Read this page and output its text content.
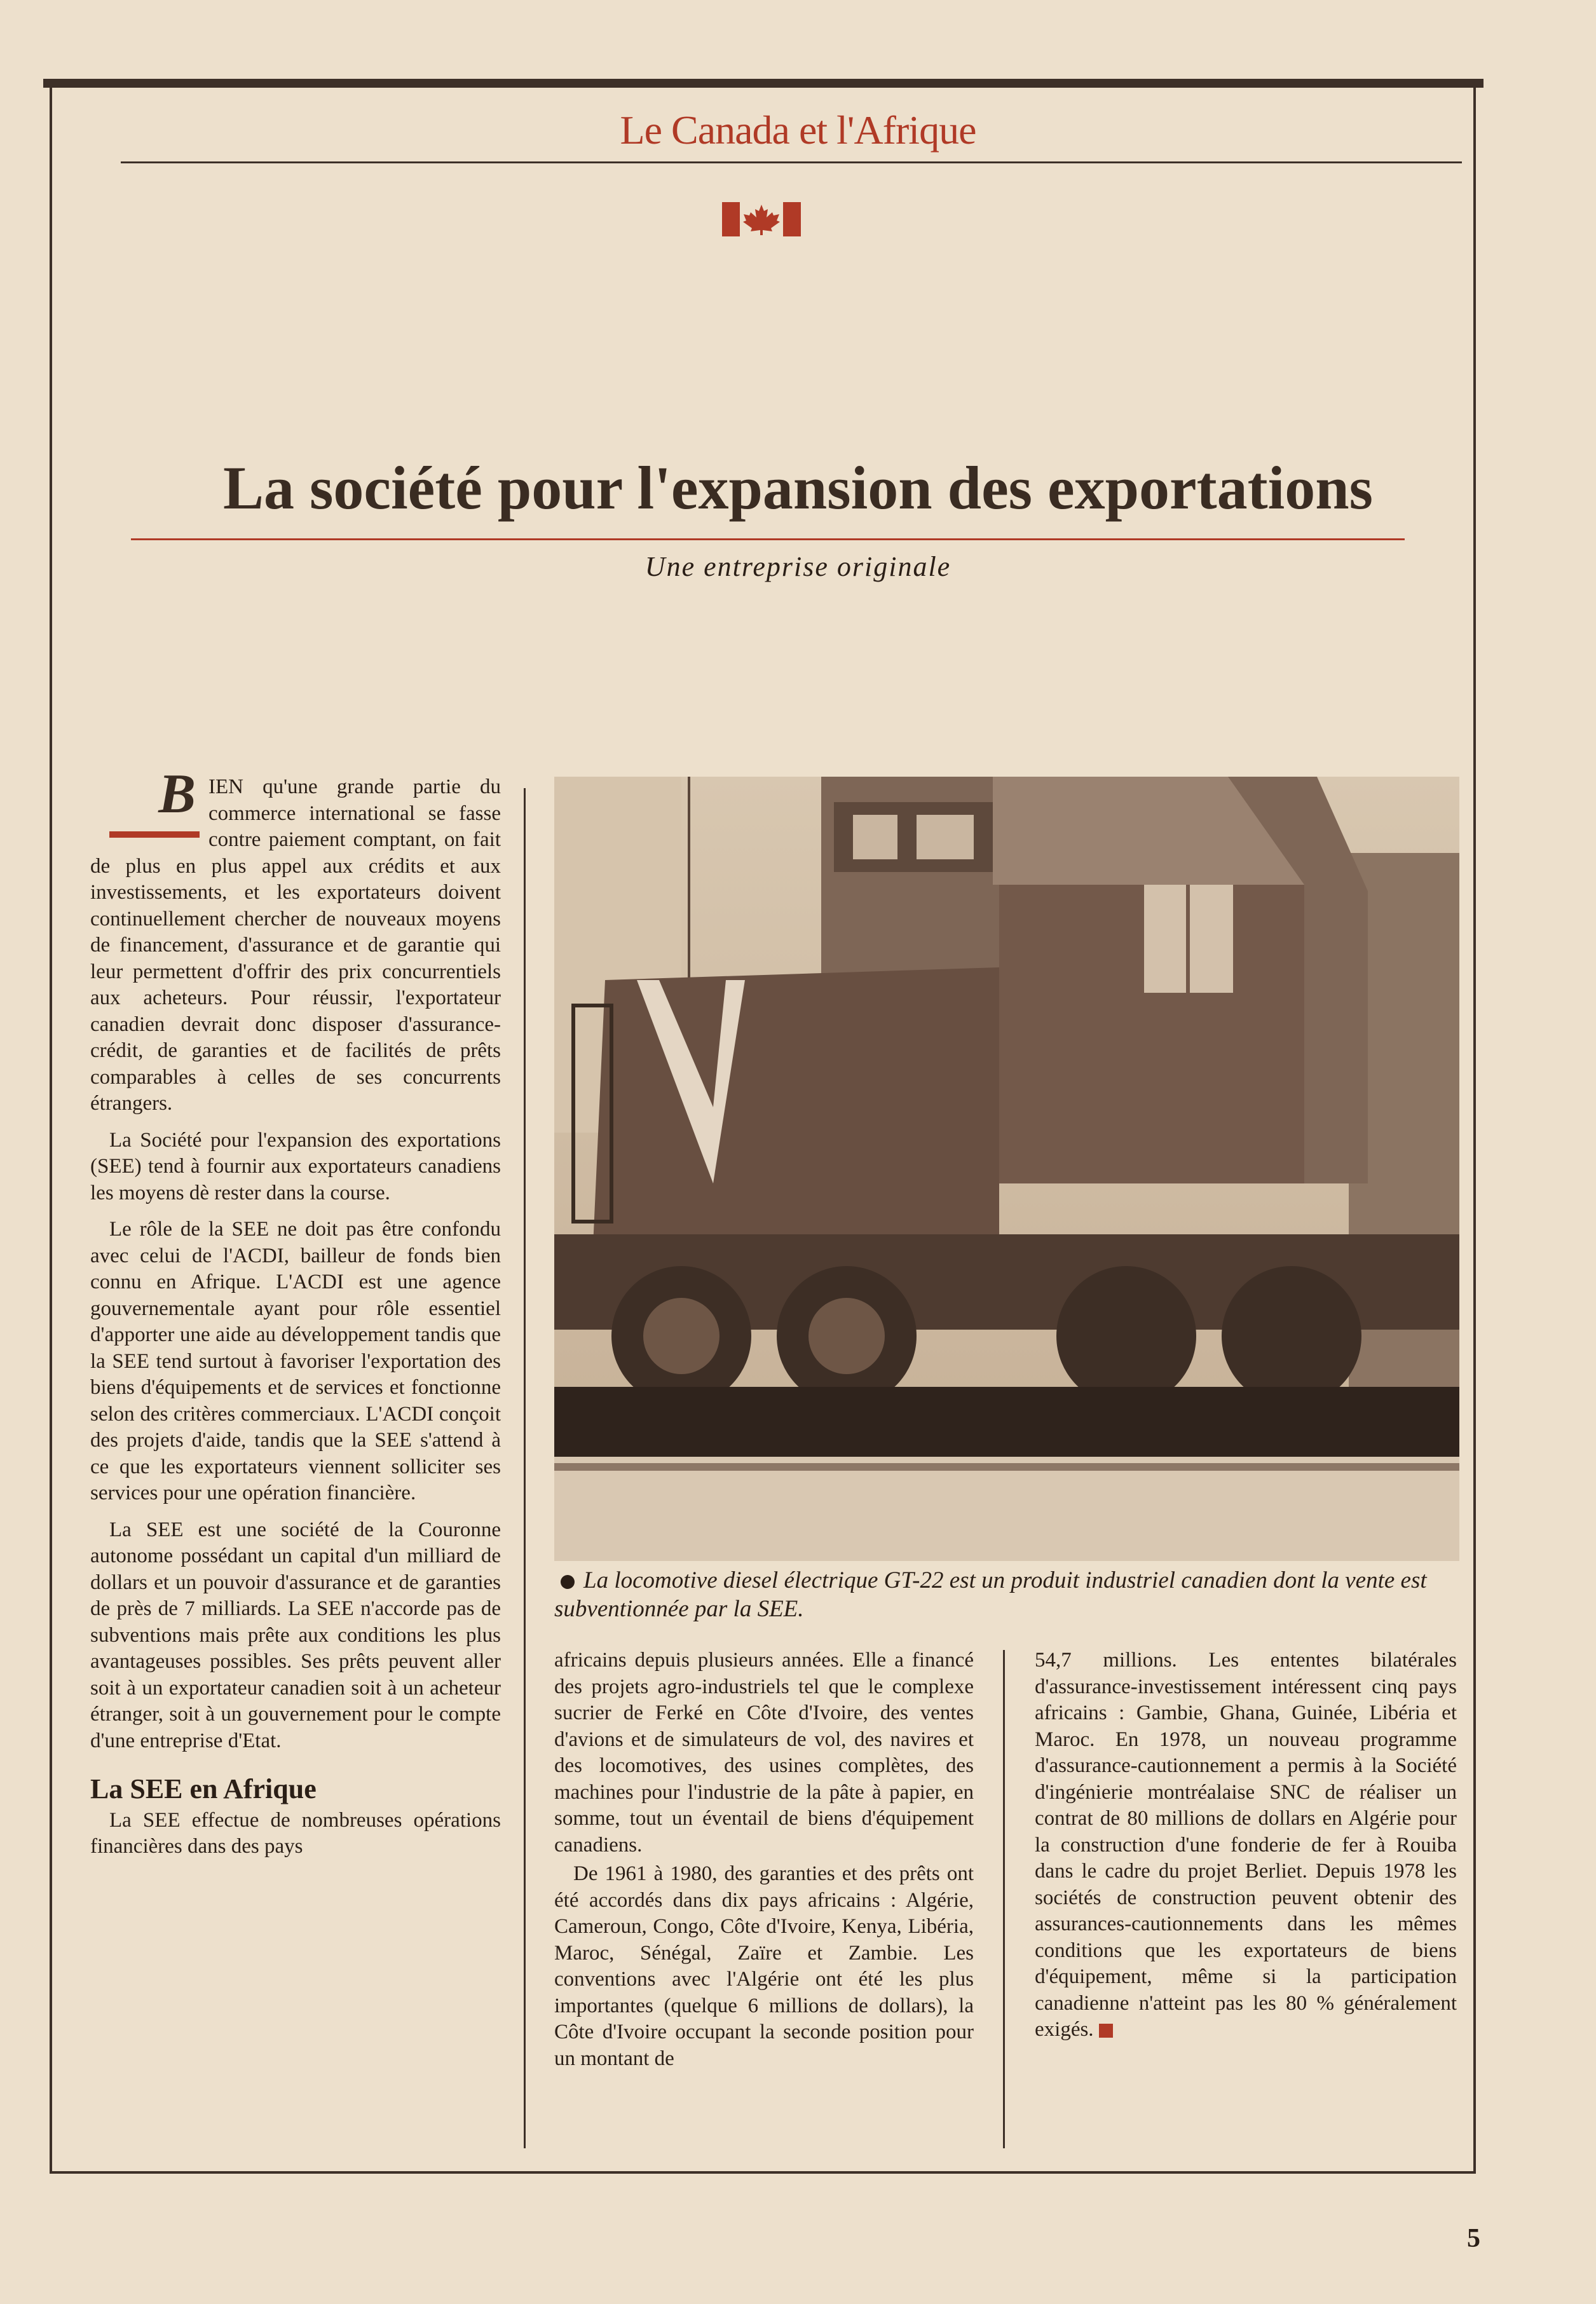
Le Canada et l'Afrique
La société pour l'expansion des exportations
Une entreprise originale
B IEN qu'une grande partie du commerce international se fasse contre paiement comptant, on fait de plus en plus appel aux crédits et aux investissements, et les exportateurs doivent continuellement chercher de nouveaux moyens de financement, d'assurance et de garantie qui leur permettent d'offrir des prix concurrentiels aux acheteurs. Pour réussir, l'exportateur canadien devrait donc disposer d'assurance-crédit, de garanties et de facilités de prêts comparables à celles de ses concurrents étrangers.

La Société pour l'expansion des exportations (SEE) tend à fournir aux exportateurs canadiens les moyens dè rester dans la course.

Le rôle de la SEE ne doit pas être confondu avec celui de l'ACDI, bailleur de fonds bien connu en Afrique. L'ACDI est une agence gouvernementale ayant pour rôle essentiel d'apporter une aide au développement tandis que la SEE tend surtout à favoriser l'exportation des biens d'équipements et de services et fonctionne selon des critères commerciaux. L'ACDI conçoit des projets d'aide, tandis que la SEE s'attend à ce que les exportateurs viennent solliciter ses services pour une opération financière.

La SEE est une société de la Couronne autonome possédant un capital d'un milliard de dollars et un pouvoir d'assurance et de garanties de près de 7 milliards. La SEE n'accorde pas de subventions mais prête aux conditions les plus avantageuses possibles. Ses prêts peuvent aller soit à un exportateur canadien soit à un acheteur étranger, soit à un gouvernement pour le compte d'une entreprise d'Etat.

La SEE en Afrique

La SEE effectue de nombreuses opérations financières dans des pays

La locomotive diesel électrique GT-22 est un produit industriel canadien dont la vente est subventionnée par la SEE.

africains depuis plusieurs années. Elle a financé des projets agro-industriels tel que le complexe sucrier de Ferké en Côte d'Ivoire, des ventes d'avions et de simulateurs de vol, des navires et des locomotives, des usines complètes, des machines pour l'industrie de la pâte à papier, en somme, tout un éventail de biens d'équipement canadiens.

De 1961 à 1980, des garanties et des prêts ont été accordés dans dix pays africains : Algérie, Cameroun, Congo, Côte d'Ivoire, Kenya, Libéria, Maroc, Sénégal, Zaïre et Zambie. Les conventions avec l'Algérie ont été les plus importantes (quelque 6 millions de dollars), la Côte d'Ivoire occupant la seconde position pour un montant de

54,7 millions. Les ententes bilatérales d'assurance-investissement intéressent cinq pays africains : Gambie, Ghana, Guinée, Libéria et Maroc. En 1978, un nouveau programme d'assurance-cautionnement a permis à la Société d'ingénierie montréalaise SNC de réaliser un contrat de 80 millions de dollars en Algérie pour la construction d'une fonderie de fer à Rouiba dans le cadre du projet Berliet. Depuis 1978 les sociétés de construction peuvent obtenir des assurances-cautionnements dans les mêmes conditions que les exportateurs de biens d'équipement, même si la participation canadienne n'atteint pas les 80 % généralement exigés.

5
